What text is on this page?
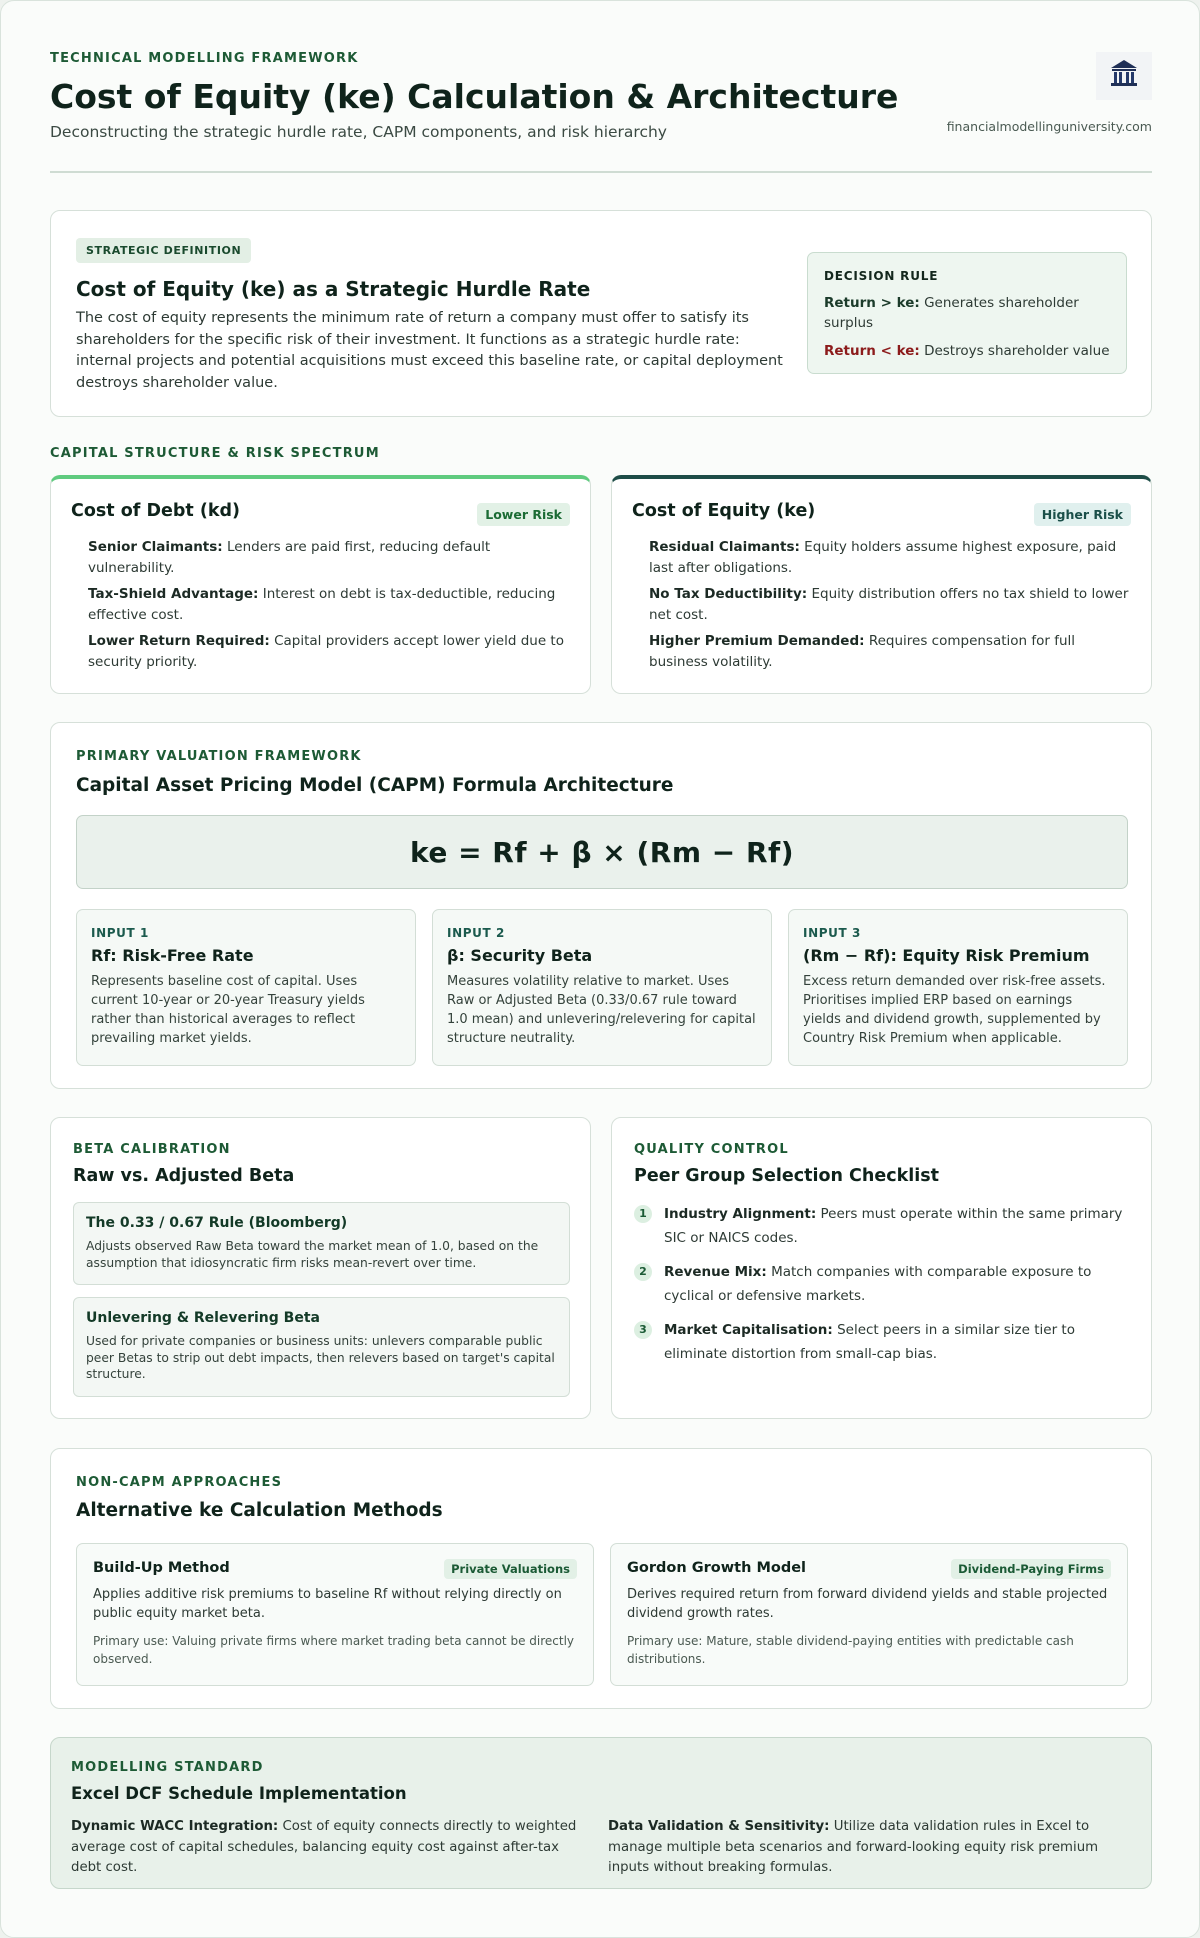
TECHNICAL MODELLING FRAMEWORK
Cost of Equity (ke) Calculation & Architecture
Deconstructing the strategic hurdle rate, CAPM components, and risk hierarchy	financialmodellinguniversity.com
STRATEGIC DEFINITION
Cost of Equity (ke) as a Strategic Hurdle Rate

The cost of equity represents the minimum rate of return a company must offer to satisfy its shareholders for the specific risk of their investment. It functions as a strategic hurdle rate: internal projects and potential acquisitions must exceed this baseline rate, or capital deployment destroys shareholder value.

DECISION RULE
Return > ke: Generates shareholder surplus
Return < ke: Destroys shareholder value
CAPITAL STRUCTURE & RISK SPECTRUM
Cost of Debt (kd)	Lower Risk
Senior Claimants: Lenders are paid first, reducing default vulnerability.
Tax-Shield Advantage: Interest on debt is tax-deductible, reducing effective cost.
Lower Return Required: Capital providers accept lower yield due to security priority.
Cost of Equity (ke)	Higher Risk
Residual Claimants: Equity holders assume highest exposure, paid last after obligations.
No Tax Deductibility: Equity distribution offers no tax shield to lower net cost.
Higher Premium Demanded: Requires compensation for full business volatility.
PRIMARY VALUATION FRAMEWORK
Capital Asset Pricing Model (CAPM) Formula Architecture
ke = Rf + β × (Rm − Rf)
INPUT 1
Rf: Risk-Free Rate
Represents baseline cost of capital. Uses current 10-year or 20-year Treasury yields rather than historical averages to reflect prevailing market yields.
INPUT 2
β: Security Beta
Measures volatility relative to market. Uses Raw or Adjusted Beta (0.33/0.67 rule toward 1.0 mean) and unlevering/relevering for capital structure neutrality.
INPUT 3
(Rm − Rf): Equity Risk Premium
Excess return demanded over risk-free assets. Prioritises implied ERP based on earnings yields and dividend growth, supplemented by Country Risk Premium when applicable.
BETA CALIBRATION
Raw vs. Adjusted Beta
The 0.33 / 0.67 Rule (Bloomberg)
Adjusts observed Raw Beta toward the market mean of 1.0, based on the assumption that idiosyncratic firm risks mean-revert over time.
Unlevering & Relevering Beta
Used for private companies or business units: unlevers comparable public peer Betas to strip out debt impacts, then relevers based on target's capital structure.
QUALITY CONTROL
Peer Group Selection Checklist
1	Industry Alignment: Peers must operate within the same primary SIC or NAICS codes.
2	Revenue Mix: Match companies with comparable exposure to cyclical or defensive markets.
3	Market Capitalisation: Select peers in a similar size tier to eliminate distortion from small-cap bias.
NON-CAPM APPROACHES
Alternative ke Calculation Methods
Build-Up Method	Private Valuations
Applies additive risk premiums to baseline Rf without relying directly on public equity market beta.
Primary use: Valuing private firms where market trading beta cannot be directly observed.
Gordon Growth Model	Dividend-Paying Firms
Derives required return from forward dividend yields and stable projected dividend growth rates.
Primary use: Mature, stable dividend-paying entities with predictable cash distributions.
MODELLING STANDARD
Excel DCF Schedule Implementation
Dynamic WACC Integration: Cost of equity connects directly to weighted average cost of capital schedules, balancing equity cost against after-tax debt cost.
Data Validation & Sensitivity: Utilize data validation rules in Excel to manage multiple beta scenarios and forward-looking equity risk premium inputs without breaking formulas.
